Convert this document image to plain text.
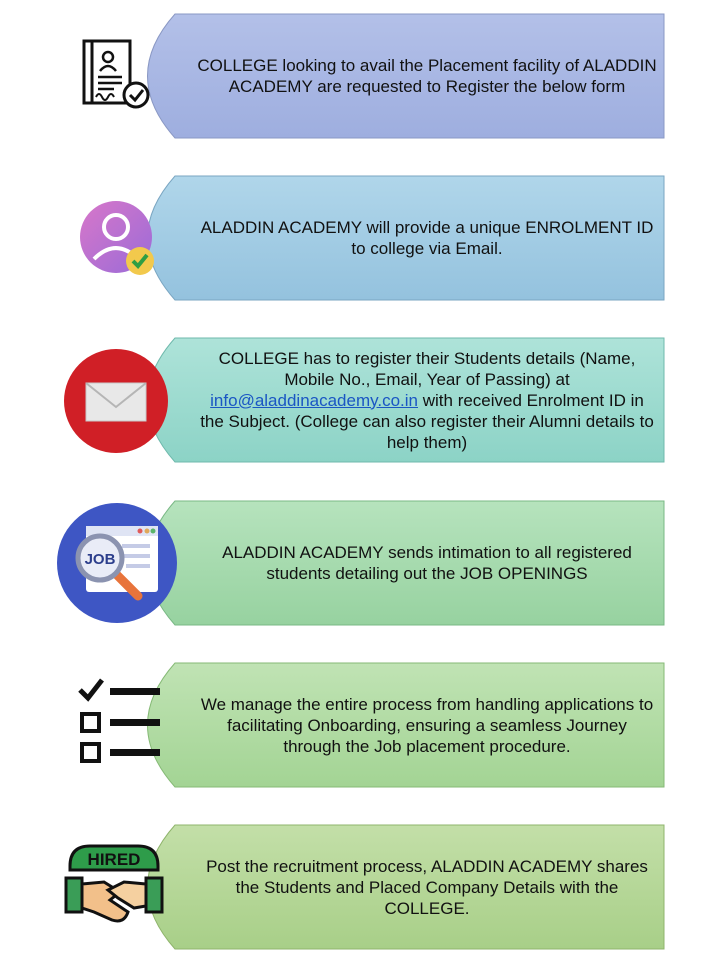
COLLEGE looking to avail the Placement facility of ALADDIN ACADEMY are requested to Register the below form

ALADDIN ACADEMY will provide a unique ENROLMENT ID to college via Email.

COLLEGE has to register their Students details (Name, Mobile No., Email, Year of Passing) at info@aladdinacademy.co.in with received Enrolment ID in the Subject. (College can also register their Alumni details to help them)

JOB	ALADDIN ACADEMY sends intimation to all registered students detailing out the JOB OPENINGS

We manage the entire process from handling applications to facilitating Onboarding, ensuring a seamless Journey through the Job placement procedure.

HIRED	Post the recruitment process, ALADDIN ACADEMY shares the Students and Placed Company Details with the COLLEGE.
